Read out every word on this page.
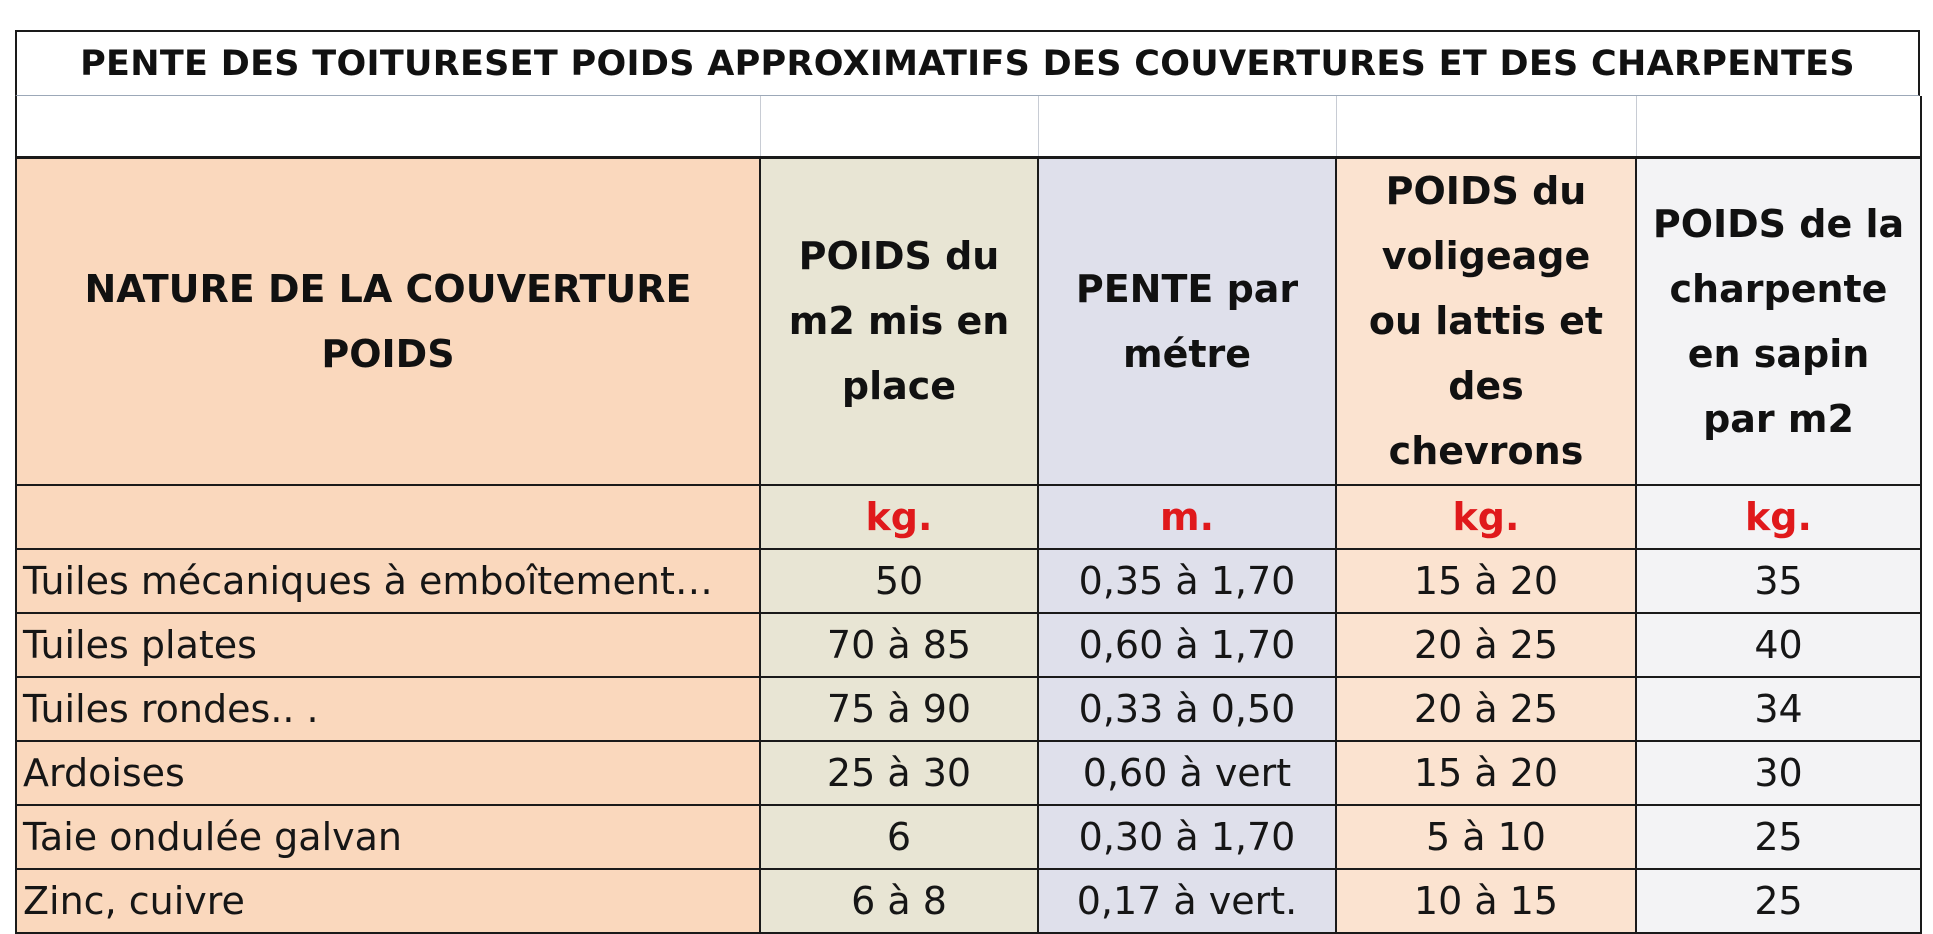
PENTE DES TOITURESET POIDS APPROXIMATIFS DES COUVERTURES ET DES CHARPENTES

NATURE DE LA COUVERTURE POIDS	POIDS du m2 mis en place	PENTE par métre	POIDS du voligeage ou lattis et des chevrons	POIDS de la charpente en sapin par m2
	kg.	m.	kg.	kg.
Tuiles mécaniques à emboîtement…	50	0,35 à 1,70	15 à 20	35
Tuiles plates	70 à 85	0,60 à 1,70	20 à 25	40
Tuiles rondes.. .	75 à 90	0,33 à 0,50	20 à 25	34
Ardoises	25 à 30	0,60 à vert	15 à 20	30
Taie ondulée galvan	6	0,30 à 1,70	5 à 10	25
Zinc, cuivre	6 à 8	0,17 à vert.	10 à 15	25
